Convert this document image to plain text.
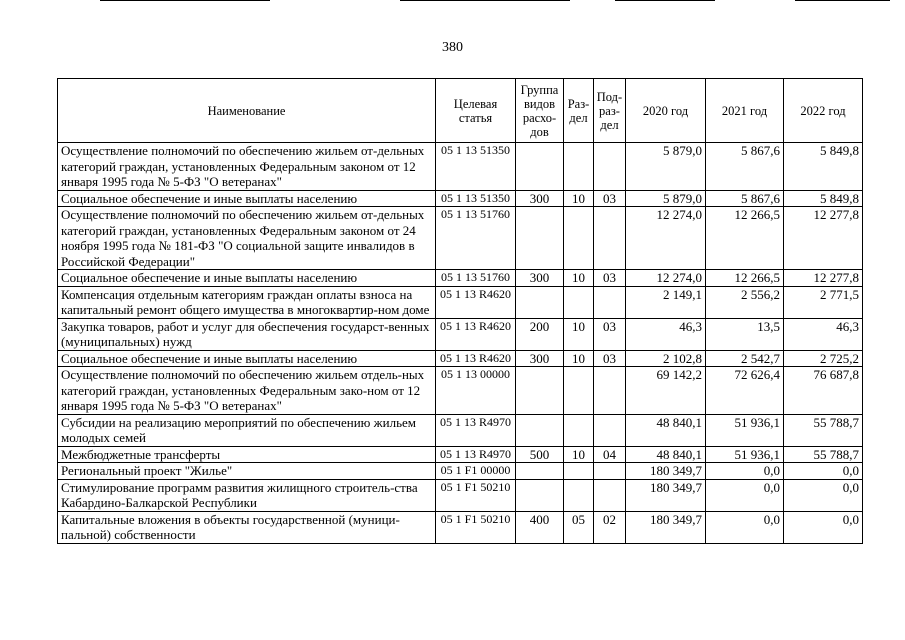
380
Наименование	Целевая статья	Группа видов расхо-дов	Раз-дел	Под-раз-дел	2020 год	2021 год	2022 год
Осуществление полномочий по обеспечению жильем от-дельных категорий граждан, установленных Федеральным законом от 12 января 1995 года № 5-ФЗ "О ветеранах"	05 1 13 51350				5 879,0	5 867,6	5 849,8
Социальное обеспечение и иные выплаты населению	05 1 13 51350	300	10	03	5 879,0	5 867,6	5 849,8
Осуществление полномочий по обеспечению жильем от-дельных категорий граждан, установленных Федеральным законом от 24 ноября 1995 года № 181-ФЗ "О социальной защите инвалидов в Российской Федерации"	05 1 13 51760				12 274,0	12 266,5	12 277,8
Социальное обеспечение и иные выплаты населению	05 1 13 51760	300	10	03	12 274,0	12 266,5	12 277,8
Компенсация отдельным категориям граждан оплаты взноса на капитальный ремонт общего имущества в многоквартир-ном доме	05 1 13 R4620				2 149,1	2 556,2	2 771,5
Закупка товаров, работ и услуг для обеспечения государст-венных (муниципальных) нужд	05 1 13 R4620	200	10	03	46,3	13,5	46,3
Социальное обеспечение и иные выплаты населению	05 1 13 R4620	300	10	03	2 102,8	2 542,7	2 725,2
Осуществление полномочий по обеспечению жильем отдель-ных категорий граждан, установленных Федеральным зако-ном от 12 января 1995 года № 5-ФЗ "О ветеранах"	05 1 13 00000				69 142,2	72 626,4	76 687,8
Субсидии на реализацию мероприятий по обеспечению жильем молодых семей	05 1 13 R4970				48 840,1	51 936,1	55 788,7
Межбюджетные трансферты	05 1 13 R4970	500	10	04	48 840,1	51 936,1	55 788,7
Региональный проект "Жилье"	05 1 F1 00000				180 349,7	0,0	0,0
Стимулирование программ развития жилищного строитель-ства Кабардино-Балкарской Республики	05 1 F1 50210				180 349,7	0,0	0,0
Капитальные вложения в объекты государственной (муници-пальной) собственности	05 1 F1 50210	400	05	02	180 349,7	0,0	0,0
